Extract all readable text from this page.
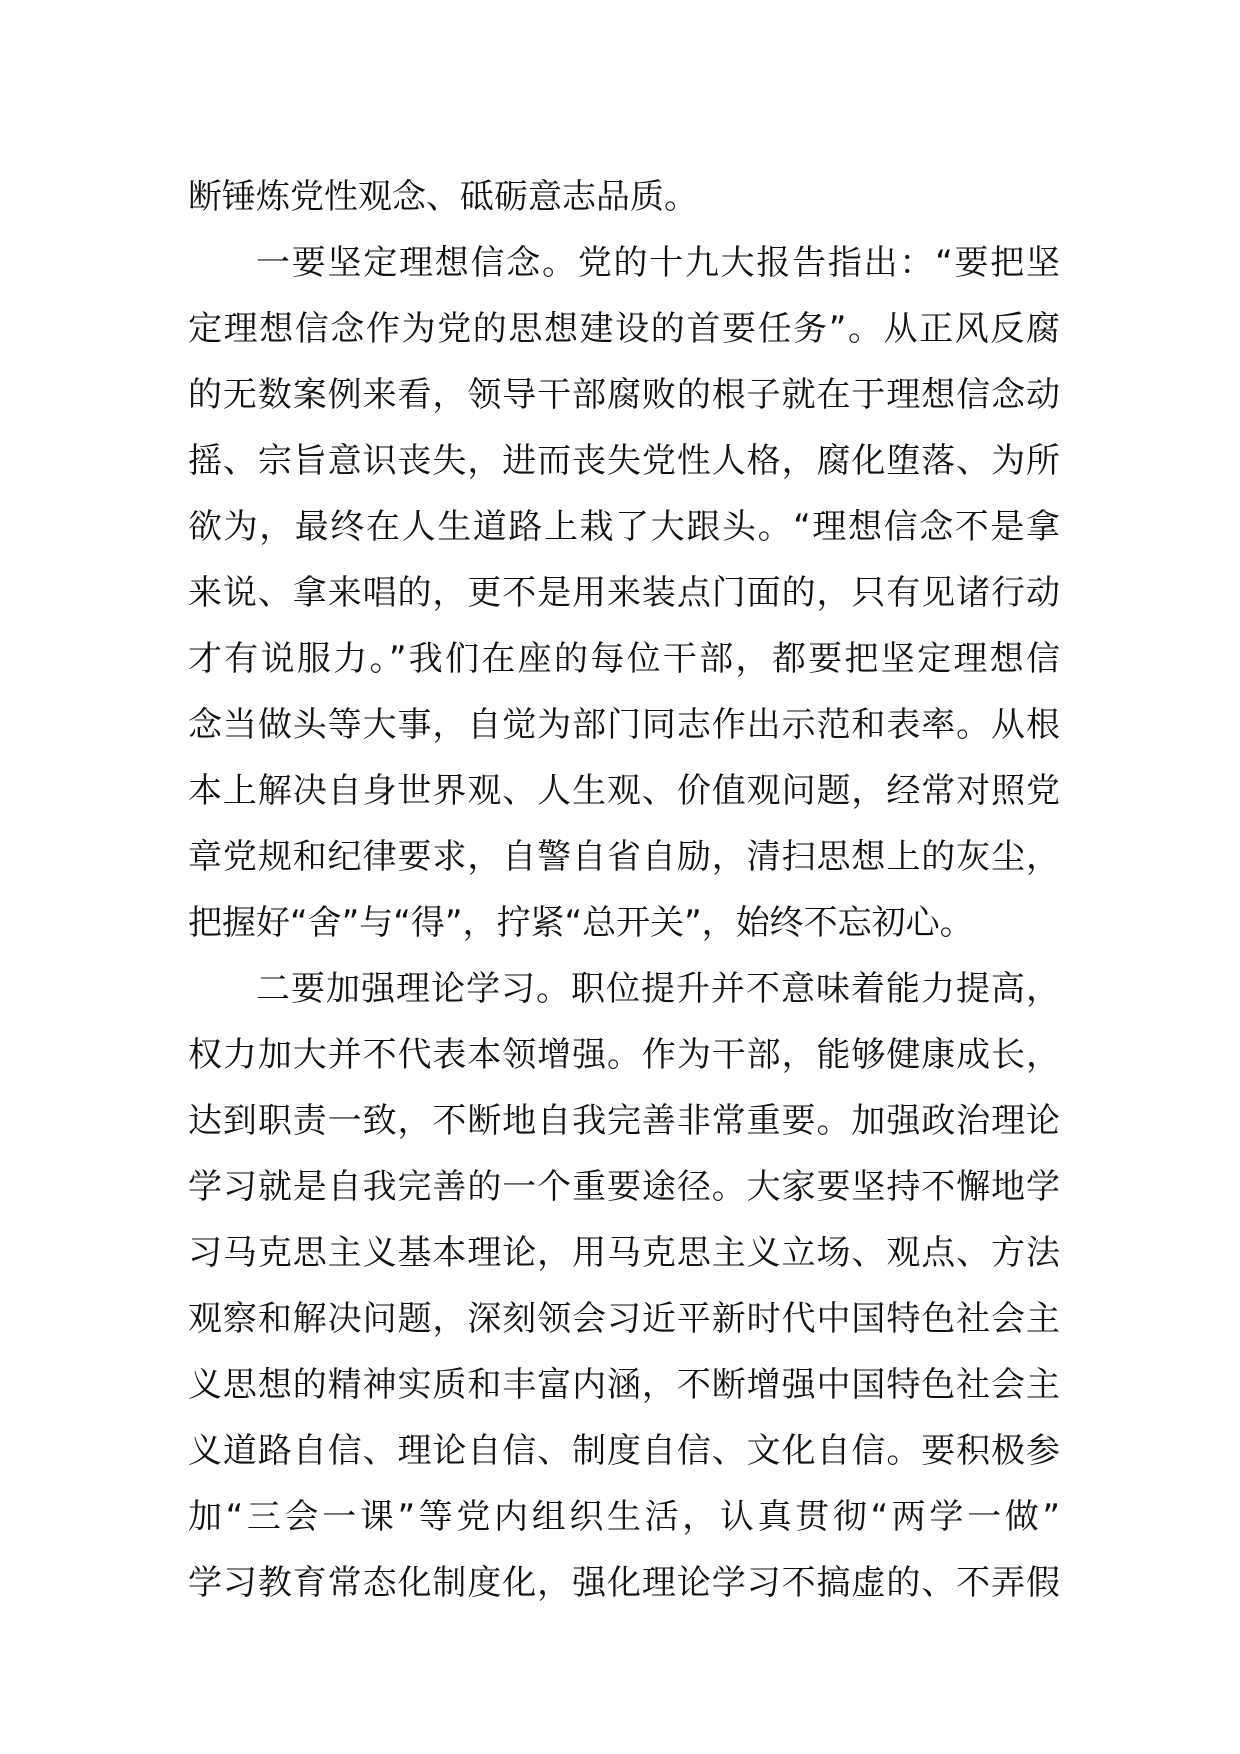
断锤炼党性观念、砥砺意志品质。
一要坚定理想信念。党的十九大报告指出：“要把坚
定理想信念作为党的思想建设的首要任务”。从正风反腐
的无数案例来看，领导干部腐败的根子就在于理想信念动
摇、宗旨意识丧失，进而丧失党性人格，腐化堕落、为所
欲为，最终在人生道路上栽了大跟头。“理想信念不是拿
来说、拿来唱的，更不是用来装点门面的，只有见诸行动
才有说服力。”我们在座的每位干部，都要把坚定理想信
念当做头等大事，自觉为部门同志作出示范和表率。从根
本上解决自身世界观、人生观、价值观问题，经常对照党
章党规和纪律要求，自警自省自励，清扫思想上的灰尘，
把握好“舍”与“得”，拧紧“总开关”，始终不忘初心。
二要加强理论学习。职位提升并不意味着能力提高，
权力加大并不代表本领增强。作为干部，能够健康成长，
达到职责一致，不断地自我完善非常重要。加强政治理论
学习就是自我完善的一个重要途径。大家要坚持不懈地学
习马克思主义基本理论，用马克思主义立场、观点、方法
观察和解决问题，深刻领会习近平新时代中国特色社会主
义思想的精神实质和丰富内涵，不断增强中国特色社会主
义道路自信、理论自信、制度自信、文化自信。要积极参
加“三会一课”等党内组织生活，认真贯彻“两学一做”
学习教育常态化制度化，强化理论学习不搞虚的、不弄假
